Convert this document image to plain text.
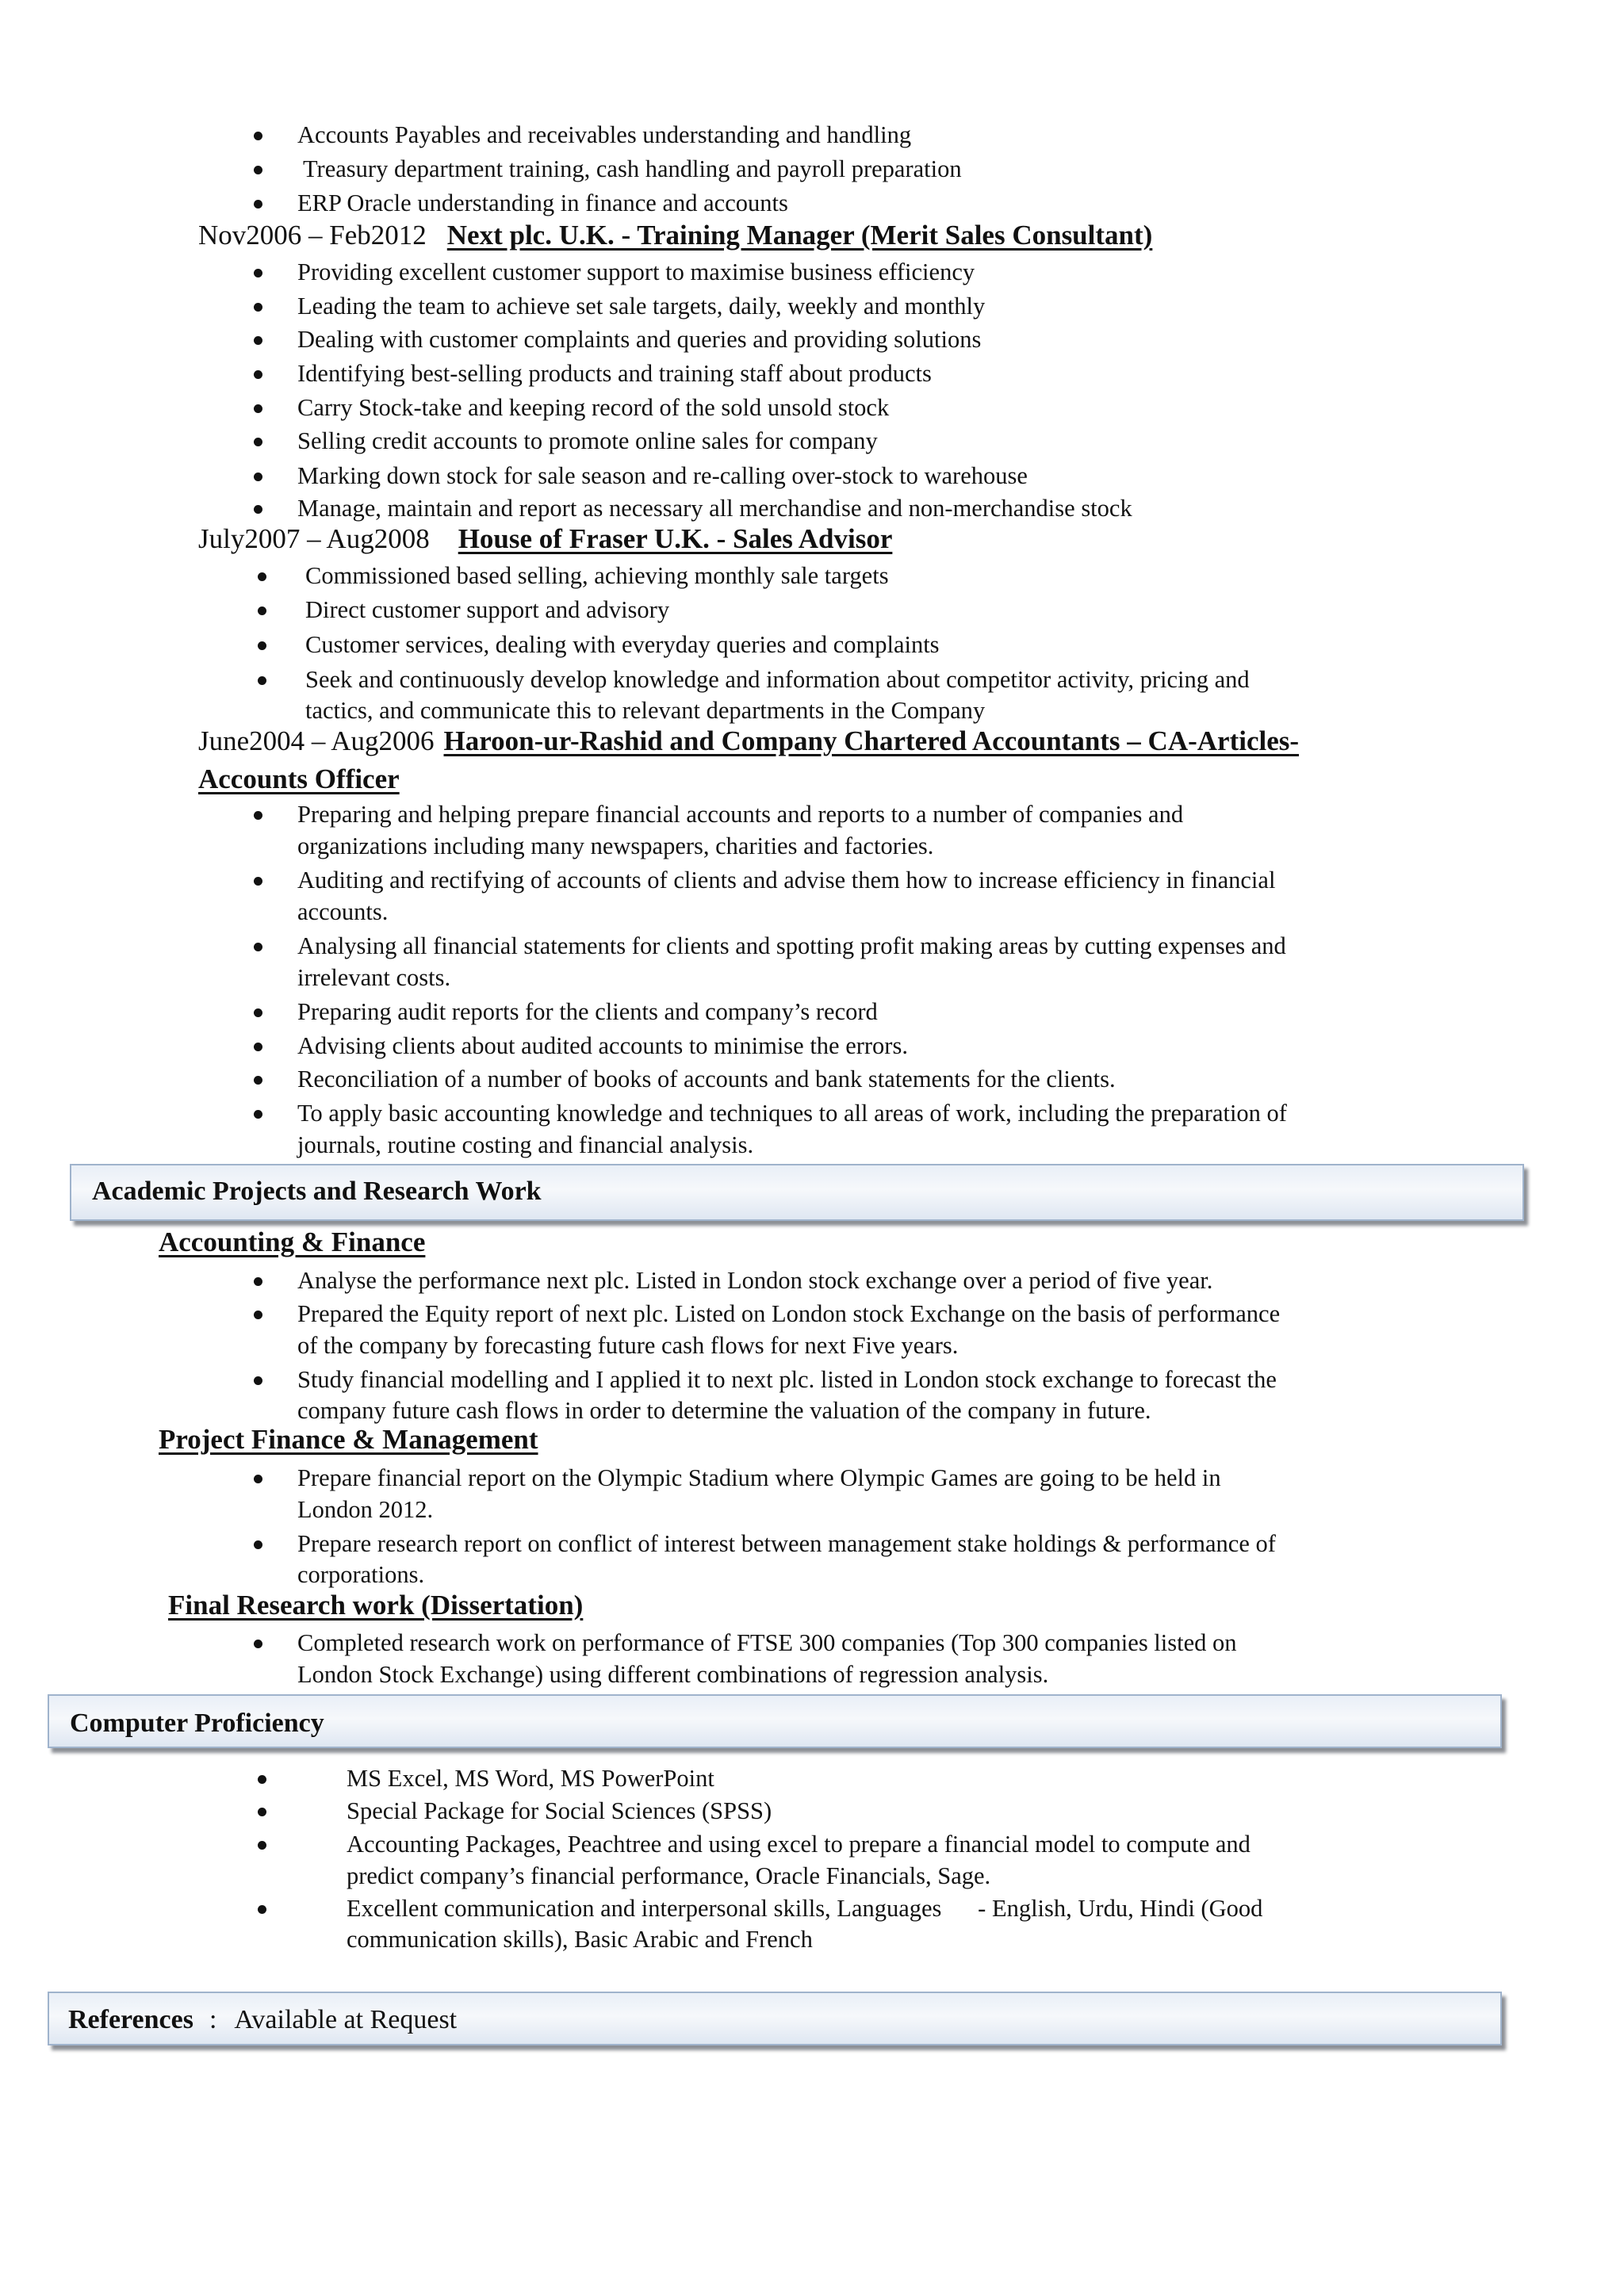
Accounts Payables and receivables understanding and handling
Treasury department training, cash handling and payroll preparation
ERP Oracle understanding in finance and accounts
Nov2006 – Feb2012 Next plc. U.K. - Training Manager (Merit Sales Consultant)
Providing excellent customer support to maximise business efficiency
Leading the team to achieve set sale targets, daily, weekly and monthly
Dealing with customer complaints and queries and providing solutions
Identifying best-selling products and training staff about products
Carry Stock-take and keeping record of the sold unsold stock
Selling credit accounts to promote online sales for company
Marking down stock for sale season and re-calling over-stock to warehouse
Manage, maintain and report as necessary all merchandise and non-merchandise stock
July2007 – Aug2008 House of Fraser U.K. - Sales Advisor
Commissioned based selling, achieving monthly sale targets
Direct customer support and advisory
Customer services, dealing with everyday queries and complaints
Seek and continuously develop knowledge and information about competitor activity, pricing and
tactics, and communicate this to relevant departments in the Company
June2004 – Aug2006 Haroon-ur-Rashid and Company Chartered Accountants – CA-Articles-
Accounts Officer
Preparing and helping prepare financial accounts and reports to a number of companies and
organizations including many newspapers, charities and factories.
Auditing and rectifying of accounts of clients and advise them how to increase efficiency in financial
accounts.
Analysing all financial statements for clients and spotting profit making areas by cutting expenses and
irrelevant costs.
Preparing audit reports for the clients and company’s record
Advising clients about audited accounts to minimise the errors.
Reconciliation of a number of books of accounts and bank statements for the clients.
To apply basic accounting knowledge and techniques to all areas of work, including the preparation of
journals, routine costing and financial analysis.
Academic Projects and Research Work
Accounting & Finance
Analyse the performance next plc. Listed in London stock exchange over a period of five year.
Prepared the Equity report of next plc. Listed on London stock Exchange on the basis of performance
of the company by forecasting future cash flows for next Five years.
Study financial modelling and I applied it to next plc. listed in London stock exchange to forecast the
company future cash flows in order to determine the valuation of the company in future.
Project Finance & Management
Prepare financial report on the Olympic Stadium where Olympic Games are going to be held in
London 2012.
Prepare research report on conflict of interest between management stake holdings & performance of
corporations.
Final Research work (Dissertation)
Completed research work on performance of FTSE 300 companies (Top 300 companies listed on
London Stock Exchange) using different combinations of regression analysis.
Computer Proficiency
MS Excel, MS Word, MS PowerPoint
Special Package for Social Sciences (SPSS)
Accounting Packages, Peachtree and using excel to prepare a financial model to compute and
predict company’s financial performance, Oracle Financials, Sage.
Excellent communication and interpersonal skills, Languages      - English, Urdu, Hindi (Good
communication skills), Basic Arabic and French
References : Available at Request
